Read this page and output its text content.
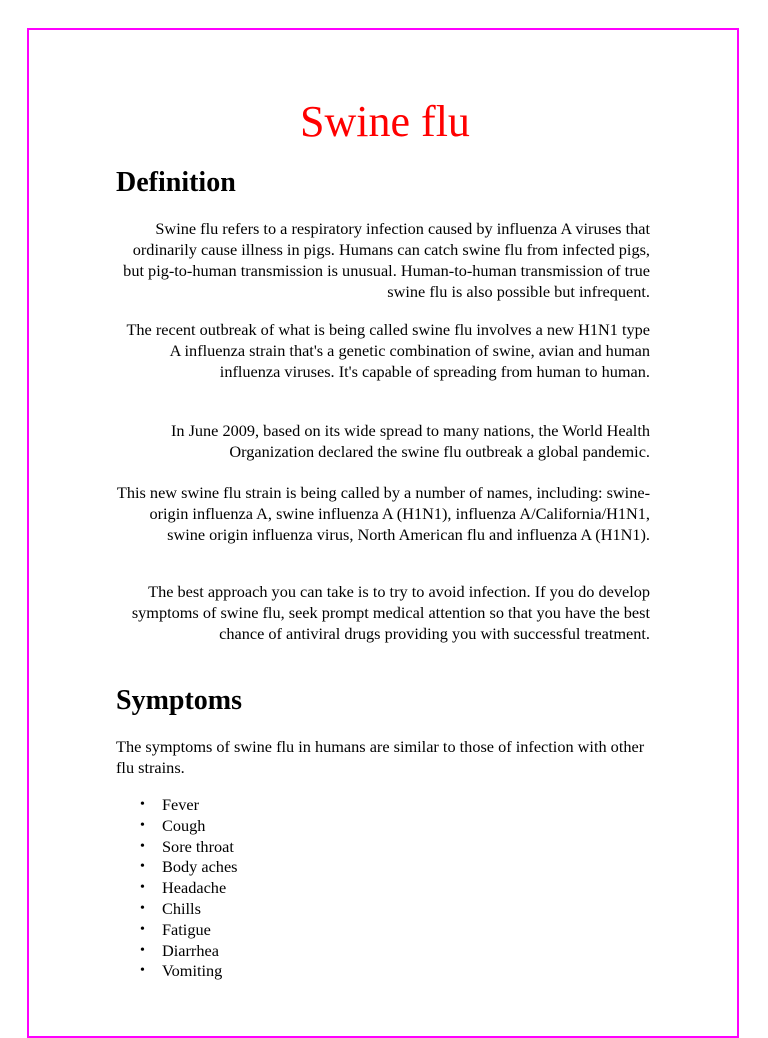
Swine flu
Definition

Swine flu refers to a respiratory infection caused by influenza A viruses that ordinarily cause illness in pigs. Humans can catch swine flu from infected pigs, but pig-to-human transmission is unusual. Human-to-human transmission of true swine flu is also possible but infrequent.

The recent outbreak of what is being called swine flu involves a new H1N1 type A influenza strain that's a genetic combination of swine, avian and human influenza viruses. It's capable of spreading from human to human.

In June 2009, based on its wide spread to many nations, the World Health Organization declared the swine flu outbreak a global pandemic.

This new swine flu strain is being called by a number of names, including: swine-origin influenza A, swine influenza A (H1N1), influenza A/California/H1N1, swine origin influenza virus, North American flu and influenza A (H1N1).

The best approach you can take is to try to avoid infection. If you do develop symptoms of swine flu, seek prompt medical attention so that you have the best chance of antiviral drugs providing you with successful treatment.

Symptoms

The symptoms of swine flu in humans are similar to those of infection with other flu strains.

• Fever
• Cough
• Sore throat
• Body aches
• Headache
• Chills
• Fatigue
• Diarrhea
• Vomiting
